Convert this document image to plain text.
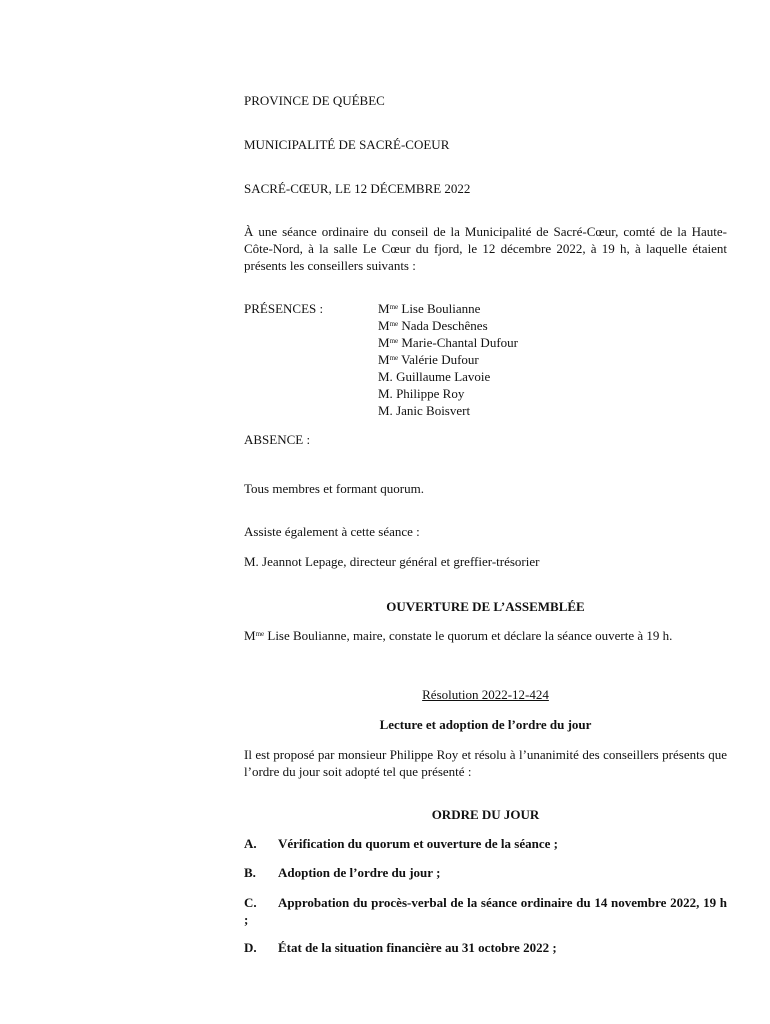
PROVINCE DE QUÉBEC

MUNICIPALITÉ DE SACRÉ-COEUR

SACRÉ-CŒUR, LE 12 DÉCEMBRE 2022

À une séance ordinaire du conseil de la Municipalité de Sacré-Cœur, comté de la Haute-Côte-Nord, à la salle Le Cœur du fjord, le 12 décembre 2022, à 19 h, à laquelle étaient présents les conseillers suivants :

PRÉSENCES :	$M^{me}$ Lise Boulianne
$M^{me}$ Nada Deschênes
$M^{me}$ Marie-Chantal Dufour
$M^{me}$ Valérie Dufour
M. Guillaume Lavoie
M. Philippe Roy
M. Janic Boisvert

ABSENCE :

Tous membres et formant quorum.

Assiste également à cette séance :

M. Jeannot Lepage, directeur général et greffier-trésorier

OUVERTURE DE L’ASSEMBLÉE

$M^{me}$ Lise Boulianne, maire, constate le quorum et déclare la séance ouverte à 19 h.

Résolution 2022-12-424

Lecture et adoption de l’ordre du jour

Il est proposé par monsieur Philippe Roy et résolu à l’unanimité des conseillers présents que l’ordre du jour soit adopté tel que présenté :

ORDRE DU JOUR

A. Vérification du quorum et ouverture de la séance ;

B. Adoption de l’ordre du jour ;

C. Approbation du procès-verbal de la séance ordinaire du 14 novembre 2022, 19 h ;

D. État de la situation financière au 31 octobre 2022 ;
